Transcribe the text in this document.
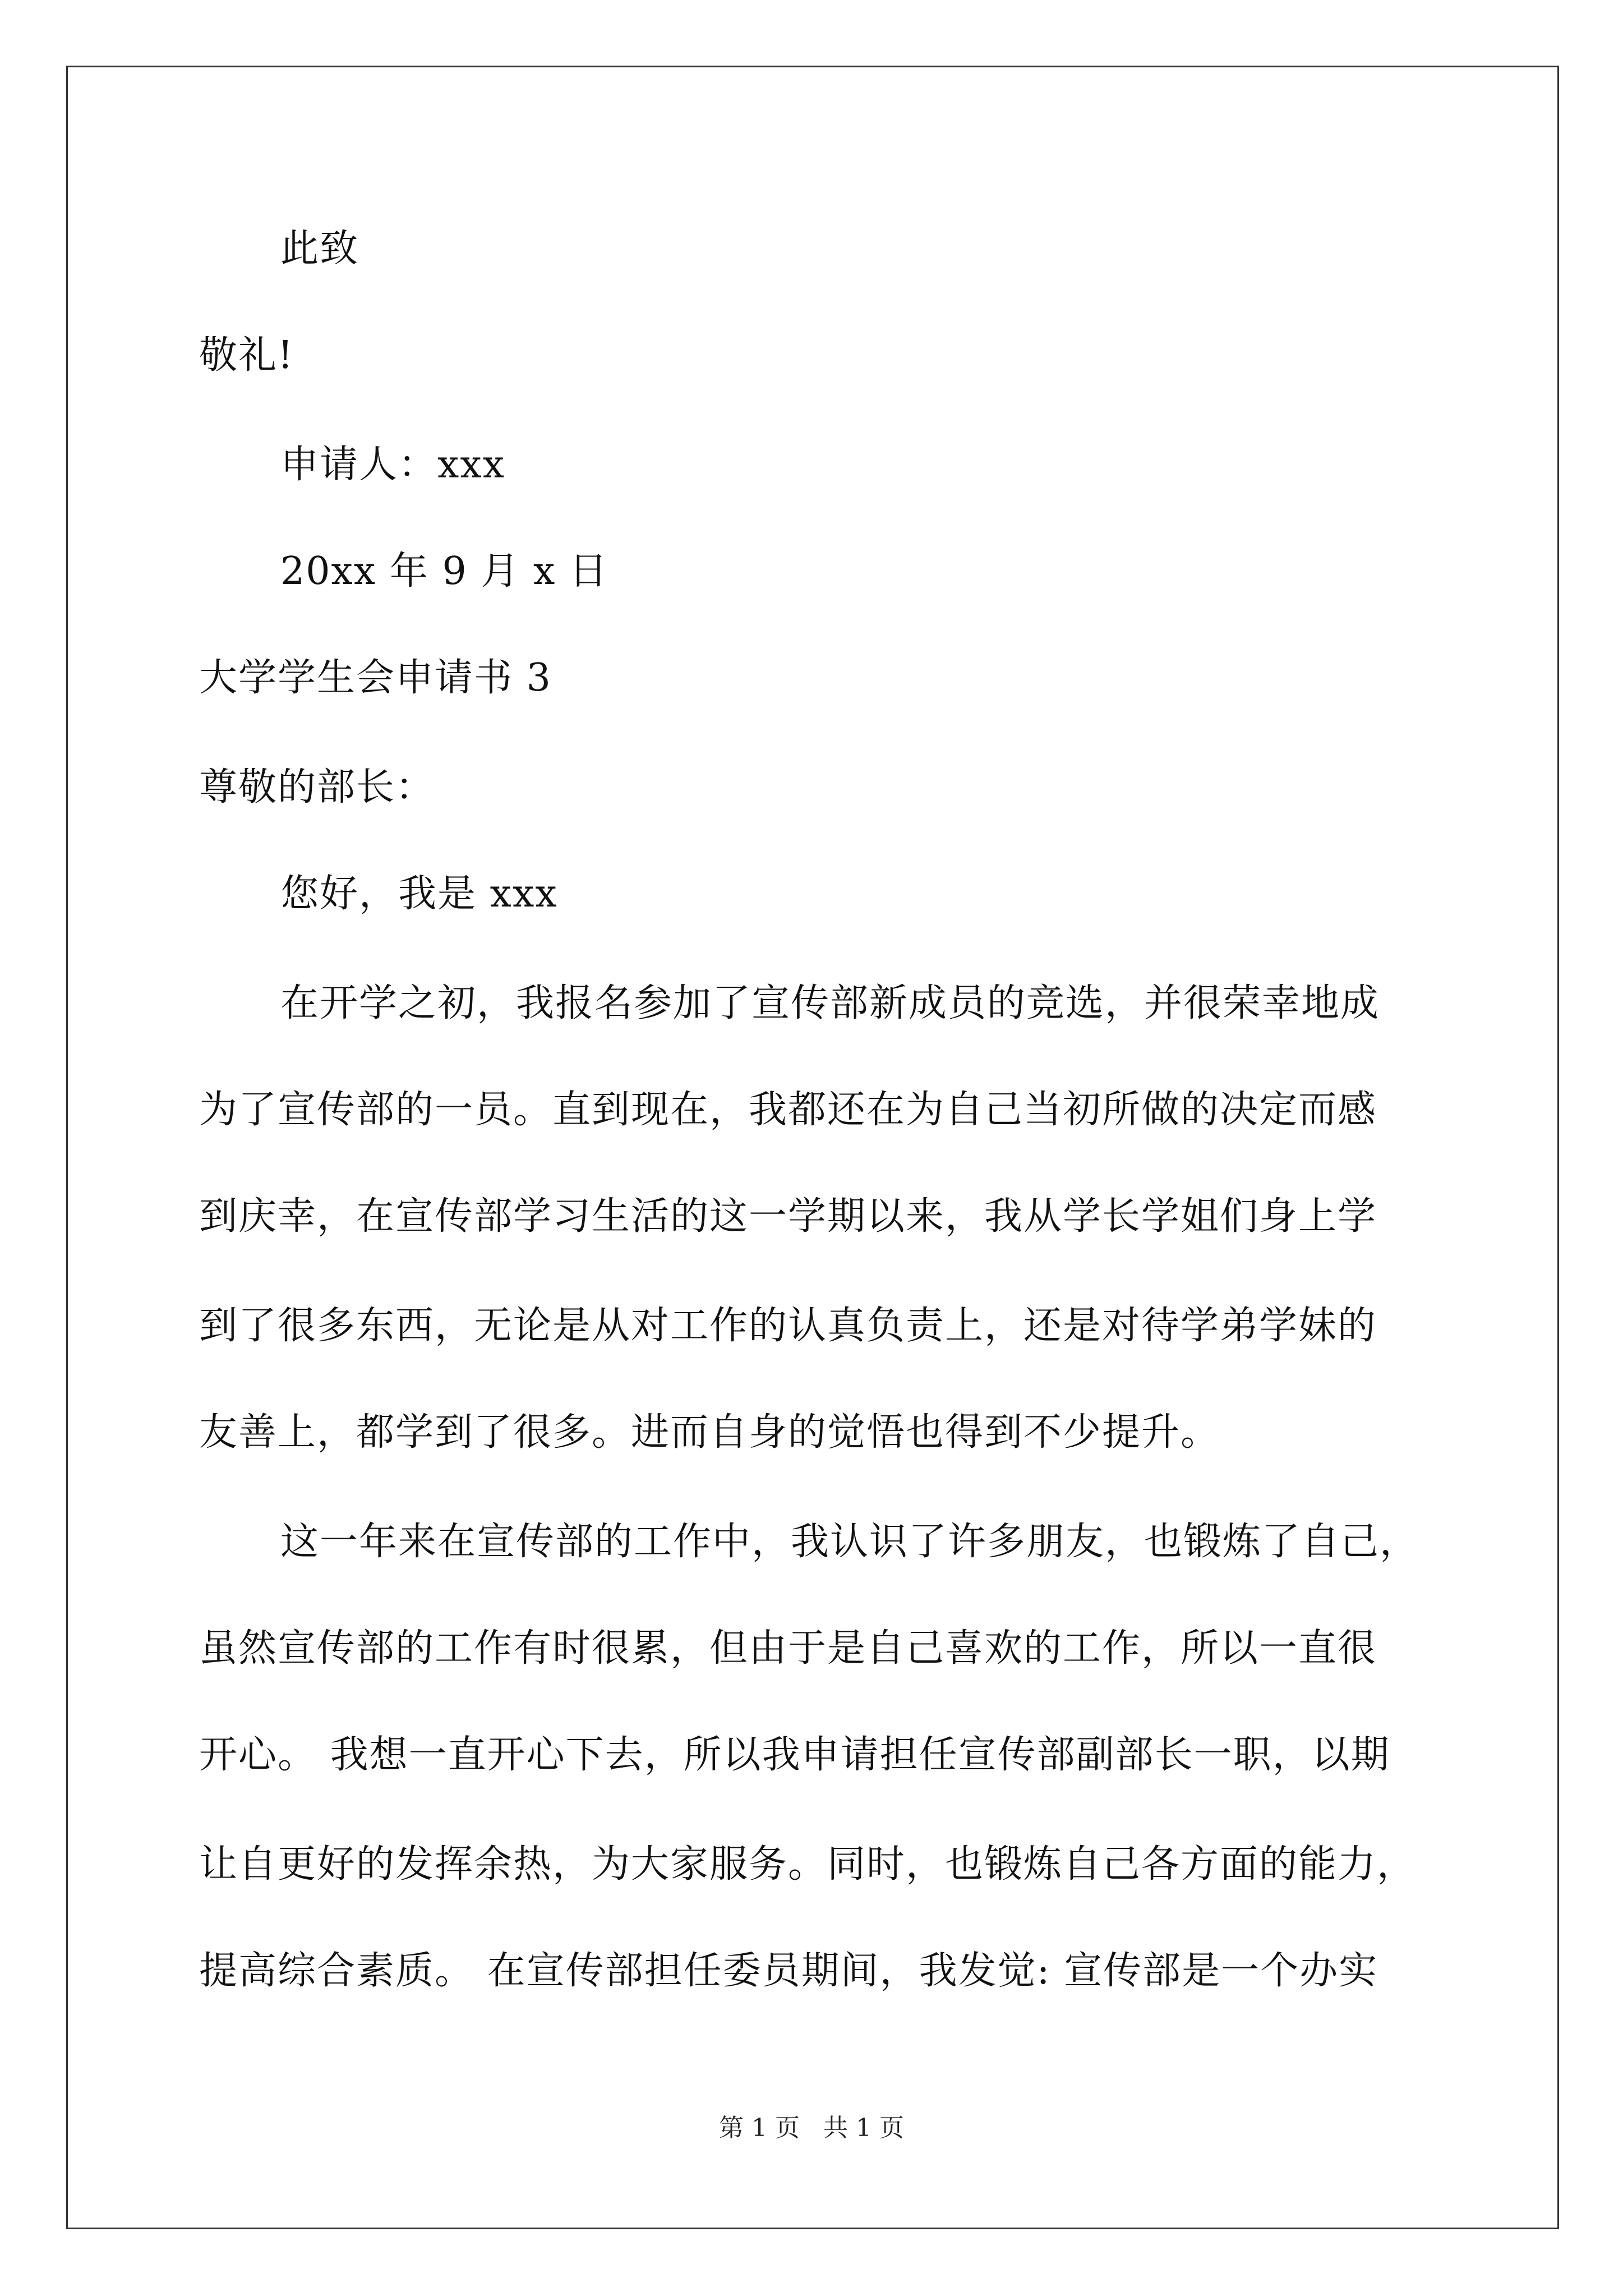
此致
敬礼!
申请人：xxx
20xx 年 9 月 x 日
大学学生会申请书 3
尊敬的部长：
您好，我是 xxx
在开学之初，我报名参加了宣传部新成员的竞选，并很荣幸地成
为了宣传部的一员。直到现在，我都还在为自己当初所做的决定而感
到庆幸，在宣传部学习生活的这一学期以来，我从学长学姐们身上学
到了很多东西，无论是从对工作的认真负责上，还是对待学弟学妹的
友善上，都学到了很多。进而自身的觉悟也得到不少提升。
这一年来在宣传部的工作中，我认识了许多朋友，也锻炼了自己，
虽然宣传部的工作有时很累，但由于是自己喜欢的工作，所以一直很
开心。 我想一直开心下去，所以我申请担任宣传部副部长一职，以期
让自更好的发挥余热，为大家服务。同时，也锻炼自己各方面的能力，
提高综合素质。 在宣传部担任委员期间，我发觉: 宣传部是一个办实
第 1 页   共 1 页
